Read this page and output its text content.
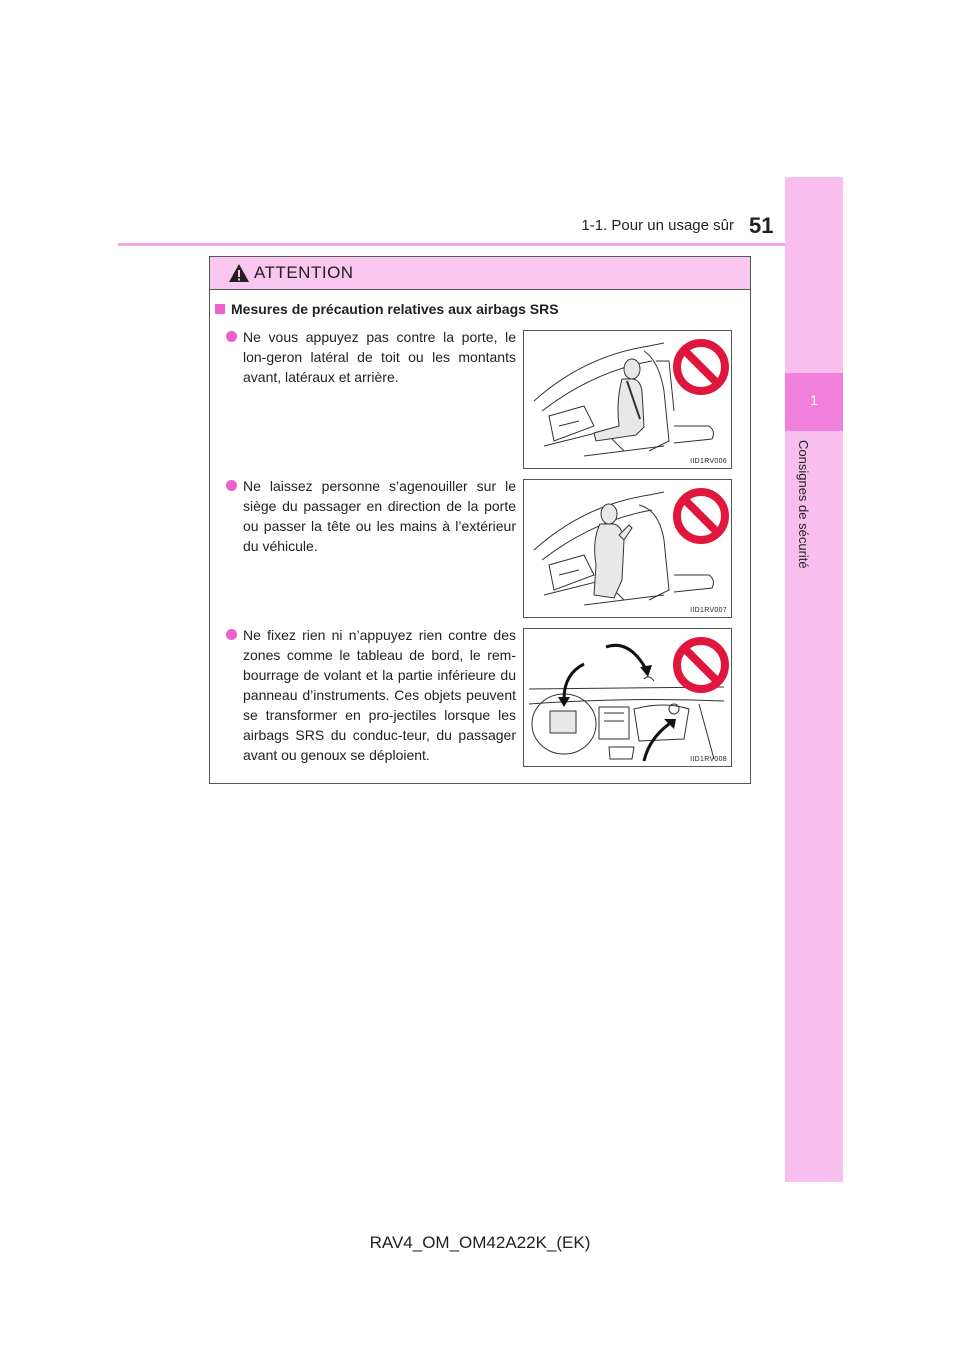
1-1. Pour un usage sûr 51
1
Consignes de sécurité
ATTENTION
Mesures de précaution relatives aux airbags SRS
Ne vous appuyez pas contre la porte, le lon-geron latéral de toit ou les montants avant, latéraux et arrière.
IID1RV006
Ne laissez personne s’agenouiller sur le siège du passager en direction de la porte ou passer la tête ou les mains à l’extérieur du véhicule.
IID1RV007
Ne fixez rien ni n’appuyez rien contre des zones comme le tableau de bord, le rem-bourrage de volant et la partie inférieure du panneau d’instruments. Ces objets peuvent se transformer en pro-jectiles lorsque les airbags SRS du conduc-teur, du passager avant ou genoux se déploient.	IID1RV008
RAV4_OM_OM42A22K_(EK)
